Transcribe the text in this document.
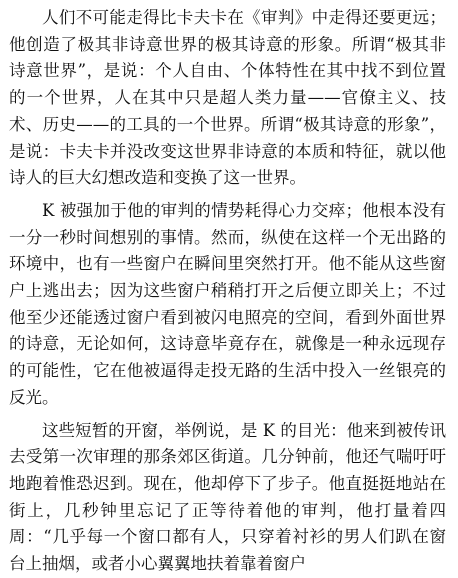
人们不可能走得比卡夫卡在《审判》中走得还要更远；他创造了极其非诗意世界的极其诗意的形象。所谓“极其非诗意世界”，是说：个人自由、个体特性在其中找不到位置的一个世界，人在其中只是超人类力量——官僚主义、技术、历史——的工具的一个世界。所谓“极其诗意的形象”，是说：卡夫卡并没改变这世界非诗意的本质和特征，就以他诗人的巨大幻想改造和变换了这一世界。

K 被强加于他的审判的情势耗得心力交瘁；他根本没有一分一秒时间想别的事情。然而，纵使在这样一个无出路的环境中，也有一些窗户在瞬间里突然打开。他不能从这些窗户上逃出去；因为这些窗户稍稍打开之后便立即关上；不过他至少还能透过窗户看到被闪电照亮的空间，看到外面世界的诗意，无论如何，这诗意毕竟存在，就像是一种永远现存的可能性，它在他被逼得走投无路的生活中投入一丝银亮的反光。

这些短暂的开窗，举例说，是 K 的目光：他来到被传讯去受第一次审理的那条郊区街道。几分钟前，他还气喘吁吁地跑着惟恐迟到。现在，他却停下了步子。他直挺挺地站在街上，几秒钟里忘记了正等待着他的审判，他打量着四周：“几乎每一个窗口都有人，只穿着衬衫的男人们趴在窗台上抽烟，或者小心翼翼地扶着靠着窗户
